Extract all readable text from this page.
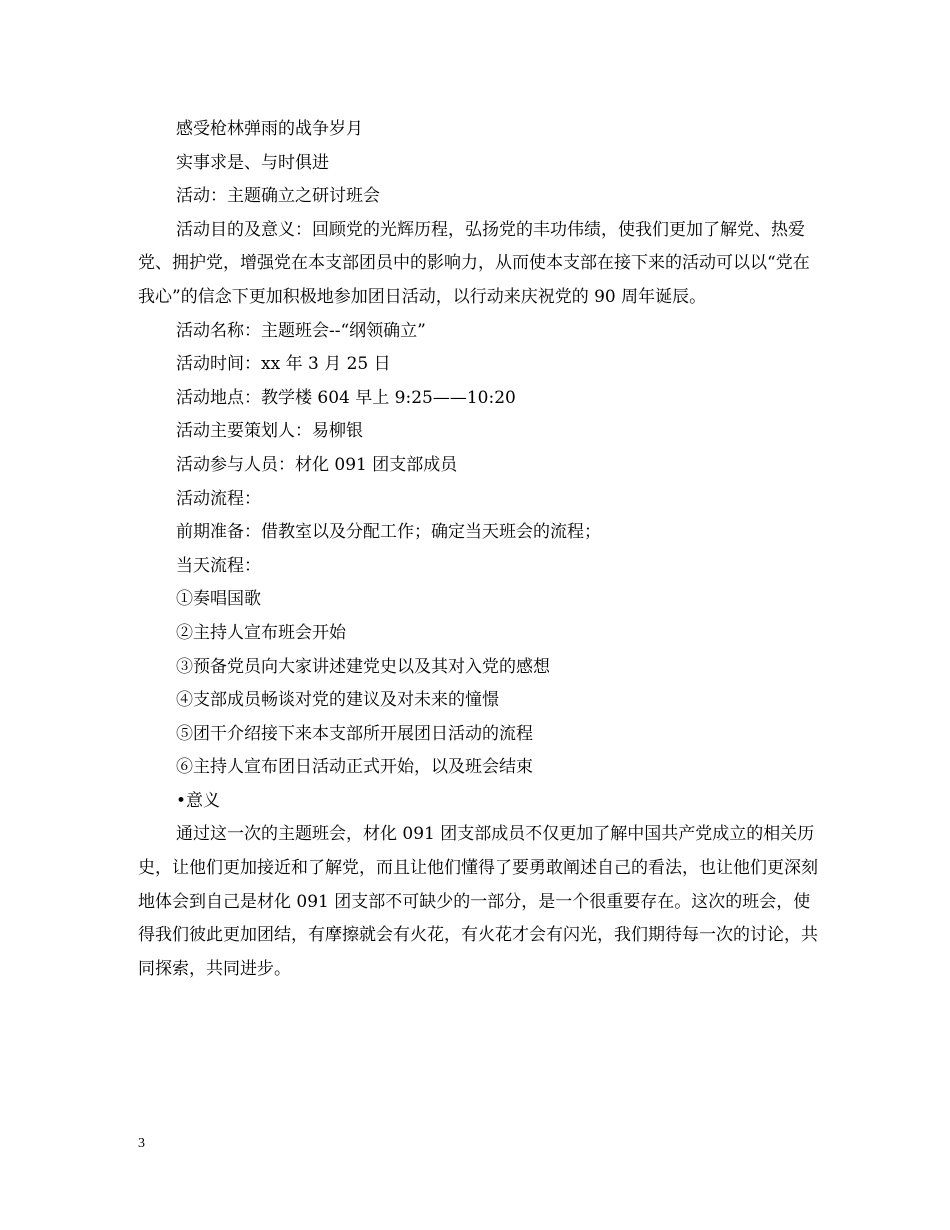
感受枪林弹雨的战争岁月
实事求是、与时俱进
活动：主题确立之研讨班会
活动目的及意义：回顾党的光辉历程，弘扬党的丰功伟绩，使我们更加了解党、热爱党、拥护党，增强党在本支部团员中的影响力，从而使本支部在接下来的活动可以以“党在我心”的信念下更加积极地参加团日活动，以行动来庆祝党的 90 周年诞辰。
活动名称：主题班会--“纲领确立”
活动时间：xx 年 3 月 25 日
活动地点：教学楼 604 早上 9:25——10:20
活动主要策划人：易柳银
活动参与人员：材化 091 团支部成员
活动流程：
前期准备：借教室以及分配工作；确定当天班会的流程；
当天流程：
①奏唱国歌
②主持人宣布班会开始
③预备党员向大家讲述建党史以及其对入党的感想
④支部成员畅谈对党的建议及对未来的憧憬
⑤团干介绍接下来本支部所开展团日活动的流程
⑥主持人宣布团日活动正式开始，以及班会结束
•意义
通过这一次的主题班会，材化 091 团支部成员不仅更加了解中国共产党成立的相关历史，让他们更加接近和了解党，而且让他们懂得了要勇敢阐述自己的看法，也让他们更深刻地体会到自己是材化 091 团支部不可缺少的一部分，是一个很重要存在。这次的班会，使得我们彼此更加团结，有摩擦就会有火花，有火花才会有闪光，我们期待每一次的讨论，共同探索，共同进步。
3
